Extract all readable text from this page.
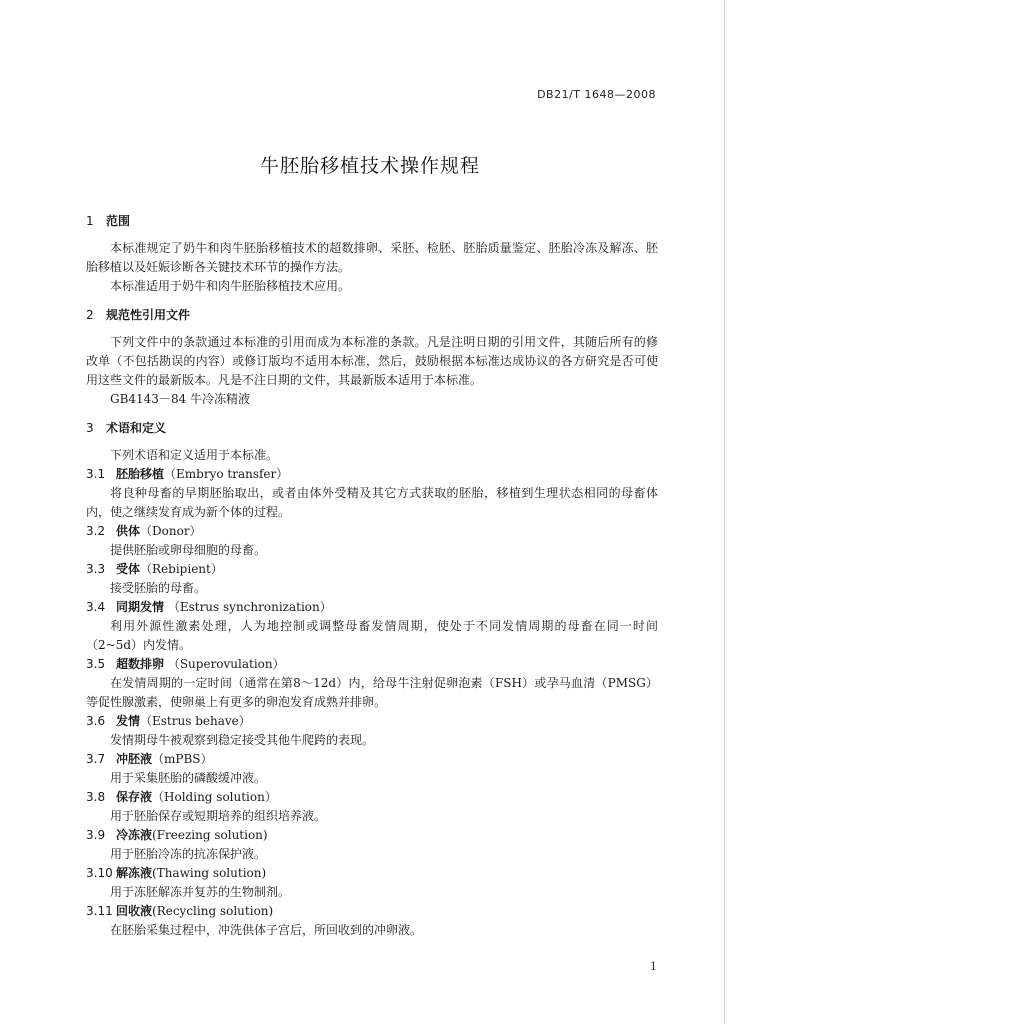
DB21/T 1648—2008
牛胚胎移植技术操作规程
1 范围

本标准规定了奶牛和肉牛胚胎移植技术的超数排卵、采胚、检胚、胚胎质量鉴定、胚胎冷冻及解冻、胚胎移植以及妊娠诊断各关键技术环节的操作方法。

本标准适用于奶牛和肉牛胚胎移植技术应用。

2 规范性引用文件

下列文件中的条款通过本标准的引用而成为本标准的条款。凡是注明日期的引用文件，其随后所有的修改单（不包括勘误的内容）或修订版均不适用本标准，然后，鼓励根据本标准达成协议的各方研究是否可使用这些文件的最新版本。凡是不注日期的文件，其最新版本适用于本标准。

GB4143－84 牛冷冻精液

3 术语和定义

下列术语和定义适用于本标准。

3.1 胚胎移植（Embryo transfer）

将良种母畜的早期胚胎取出，或者由体外受精及其它方式获取的胚胎，移植到生理状态相同的母畜体内，使之继续发育成为新个体的过程。

3.2 供体（Donor）

提供胚胎或卵母细胞的母畜。

3.3 受体（Rebipient）

接受胚胎的母畜。

3.4 同期发情 （Estrus synchronization）

利用外源性激素处理，人为地控制或调整母畜发情周期，使处于不同发情周期的母畜在同一时间（2~5d）内发情。

3.5 超数排卵 （Superovulation）

在发情周期的一定时间（通常在第8～12d）内，给母牛注射促卵泡素（FSH）或孕马血清（PMSG）等促性腺激素，使卵巢上有更多的卵泡发育成熟并排卵。

3.6 发情（Estrus behave）

发情期母牛被观察到稳定接受其他牛爬跨的表现。

3.7 冲胚液（mPBS）

用于采集胚胎的磷酸缓冲液。

3.8 保存液（Holding solution）

用于胚胎保存或短期培养的组织培养液。

3.9 冷冻液(Freezing solution)

用于胚胎冷冻的抗冻保护液。

3.10 解冻液(Thawing solution)

用于冻胚解冻并复苏的生物制剂。

3.11 回收液(Recycling solution)

在胚胎采集过程中，冲洗供体子宫后，所回收到的冲卵液。

1
